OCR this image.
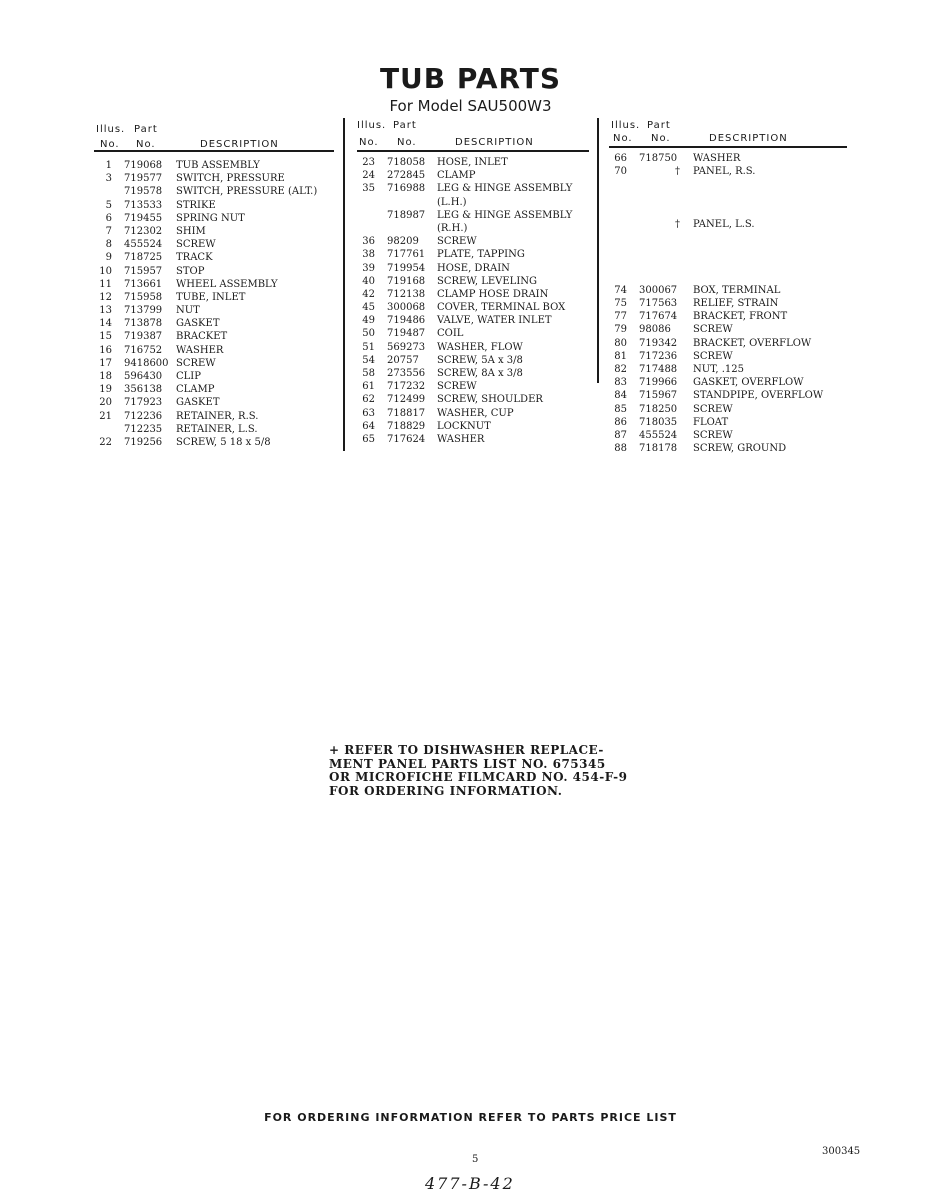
TUB PARTS
For Model SAU500W3
Illus. Part
No. No.	DESCRIPTION
1 719068 TUB ASSEMBLY
3 719577 SWITCH, PRESSURE
719578 SWITCH, PRESSURE (ALT.)
5 713533 STRIKE
6 719455 SPRING NUT
7 712302 SHIM
8 455524 SCREW
9 718725 TRACK
10 715957 STOP
11 713661 WHEEL ASSEMBLY
12 715958 TUBE, INLET
13 713799 NUT
14 713878 GASKET
15 719387 BRACKET
16 716752 WASHER
17 9418600 SCREW
18 596430 CLIP
19 356138 CLAMP
20 717923 GASKET
21 712236 RETAINER, R.S.
712235 RETAINER, L.S.
22 719256 SCREW, 5 18 x 5/8
Illus. Part
No. No.	DESCRIPTION
23 718058 HOSE, INLET
24 272845 CLAMP
35 716988 LEG & HINGE ASSEMBLY
(L.H.)
718987 LEG & HINGE ASSEMBLY
(R.H.)
36 98209 SCREW
38 717761 PLATE, TAPPING
39 719954 HOSE, DRAIN
40 719168 SCREW, LEVELING
42 712138 CLAMP HOSE DRAIN
45 300068 COVER, TERMINAL BOX
49 719486 VALVE, WATER INLET
50 719487 COIL
51 569273 WASHER, FLOW
54 20757 SCREW, 5A x 3/8
58 273556 SCREW, 8A x 3/8
61 717232 SCREW
62 712499 SCREW, SHOULDER
63 718817 WASHER, CUP
64 718829 LOCKNUT
65 717624 WASHER
Illus. Part
No. No.	DESCRIPTION
66 718750 WASHER
70	† PANEL, R.S.
† PANEL, L.S.
74 300067 BOX, TERMINAL
75 717563 RELIEF, STRAIN
77 717674 BRACKET, FRONT
79 98086 SCREW
80 719342 BRACKET, OVERFLOW
81 717236 SCREW
82 717488 NUT, .125
83 719966 GASKET, OVERFLOW
84 715967 STANDPIPE, OVERFLOW
85 718250 SCREW
86 718035 FLOAT
87 455524 SCREW
88 718178 SCREW, GROUND

+ REFER TO DISHWASHER REPLACE-

MENT PANEL PARTS LIST NO. 675345

OR MICROFICHE FILMCARD NO. 454-F-9

FOR ORDERING INFORMATION.

FOR ORDERING INFORMATION REFER TO PARTS PRICE LIST
5
300345
477-B-42
